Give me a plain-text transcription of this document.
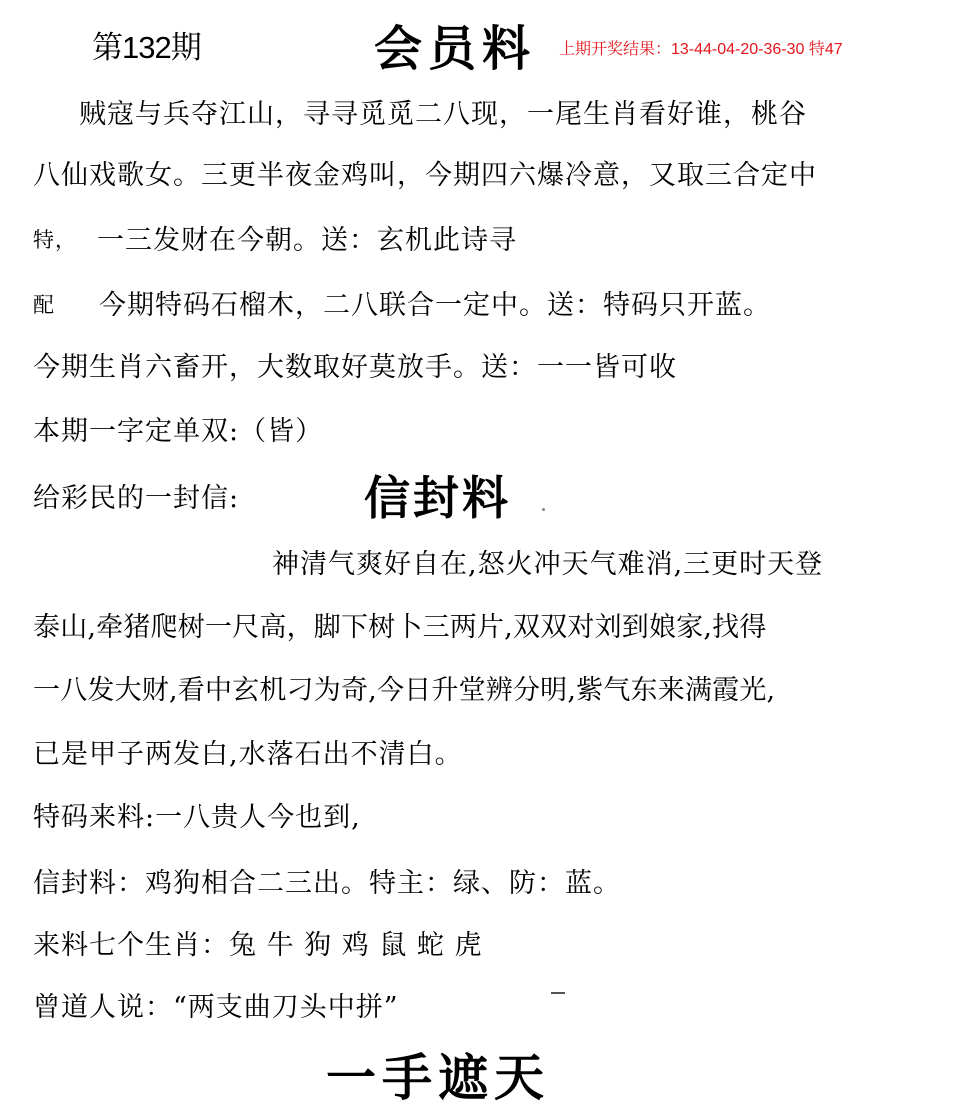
第132期	会员料 上期开奖结果：13-44-04-20-36-30 特47
贼寇与兵夺江山，寻寻觅觅二八现，一尾生肖看好谁，桃谷
八仙戏歌女。三更半夜金鸡叫，今期四六爆冷意，又取三合定中
特， 一三发财在今朝。送：玄机此诗寻
配 今期特码石榴木，二八联合一定中。送：特码只开蓝。
今期生肖六畜开，大数取好莫放手。送：一一皆可收
本期一字定单双:（皆）
给彩民的一封信:	信封料
神清气爽好自在,怒火冲天气难消,三更时天登
泰山,牵猪爬树一尺高，脚下树卜三两片,双双对刘到娘家,找得
一八发大财,看中玄机刁为奇,今日升堂辨分明,紫气东来满霞光,
已是甲子两发白,水落石出不清白。
特码来料:一八贵人今也到,
信封料：鸡狗相合二三出。特主：绿、防：蓝。
来料七个生肖：兔 牛 狗 鸡 鼠 蛇 虎
曾道人说：“两支曲刀头中拼”
一手遮天
